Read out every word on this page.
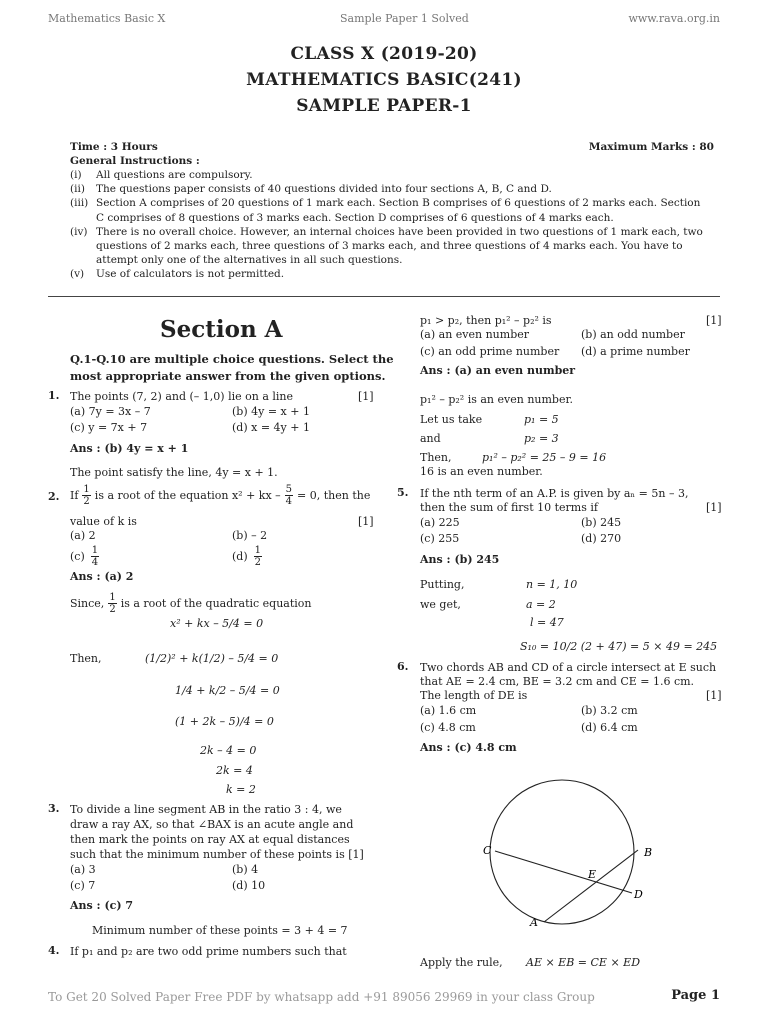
Mathematics Basic X	Sample Paper 1 Solved	www.rava.org.in
CLASS X (2019-20)
MATHEMATICS BASIC(241)
SAMPLE PAPER-1
Time : 3 Hours	Maximum Marks : 80
General Instructions :
(i)	All questions are compulsory.
(ii)	The questions paper consists of 40 questions divided into four sections A, B, C and D.
(iii) Section A comprises of 20 questions of 1 mark each. Section B comprises of 6 questions of 2 marks each. Section
C comprises of 8 questions of 3 marks each. Section D comprises of 6 questions of 4 marks each.
(iv) There is no overall choice. However, an internal choices have been provided in two questions of 1 mark each, two
questions of 2 marks each, three questions of 3 marks each, and three questions of 4 marks each. You have to
attempt only one of the alternatives in all such questions.
(v)	Use of calculators is not permitted.
Section A
Q.1-Q.10 are multiple choice questions. Select the
most appropriate answer from the given options.
1. The points (7, 2) and (– 1,0) lie on a line	[1]
(a) 7y = 3x – 7	(b) 4y = x + 1
(c) y = 7x + 7	(d) x = 4y + 1
Ans : (b) 4y = x + 1
The point satisfy the line, 4y = x + 1.
2. If $\frac{1}{2}$ is a root of the equation x² + kx – $\frac{5}{4} = 0$, then the
value of k is	[1]
(a) 2	(b) – 2
$(c) \frac{1}{4}$	$(d) \frac{1}{2}$
Ans : (a) 2
Since, $\frac{1}{2}$ is a root of the quadratic equation
x² + kx – 5/4 = 0
Then,	(1/2)² + k(1/2) – 5/4 = 0
1/4 + k/2 – 5/4 = 0
(1 + 2k – 5)/4 = 0
2k – 4 = 0
2k = 4
k = 2
3. To divide a line segment AB in the ratio 3 : 4, we
draw a ray AX, so that ∠BAX is an acute angle and
then mark the points on ray AX at equal distances
such that the minimum number of these points is [1]
(a) 3	(b) 4
(c) 7	(d) 10
Ans : (c) 7
Minimum number of these points = 3 + 4 = 7
4. If p₁ and p₂ are two odd prime numbers such that
p₁ > p₂, then p₁² – p₂² is	[1]
(a) an even number	(b) an odd number
(c) an odd prime number (d) a prime number
Ans : (a) an even number
p₁² – p₂² is an even number.
Let us take	p₁ = 5
and	p₂ = 3
Then,	p₁² – p₂² = 25 – 9 = 16
16 is an even number.
5. If the nth term of an A.P. is given by aₙ = 5n – 3,
then the sum of first 10 terms if	[1]
(a) 225	(b) 245
(c) 255	(d) 270
Ans : (b) 245
Putting,	n = 1, 10
we get,	a = 2
l = 47
S₁₀ = 10/2 (2 + 47) = 5 × 49 = 245
6. Two chords AB and CD of a circle intersect at E such
that AE = 2.4 cm, BE = 3.2 cm and CE = 1.6 cm.
The length of DE is	[1]
(a) 1.6 cm	(b) 3.2 cm
(c) 4.8 cm	(d) 6.4 cm
Ans : (c) 4.8 cm
C	B
E
D
A
Apply the rule, AE × EB = CE × ED
To Get 20 Solved Paper Free PDF by whatsapp add +91 89056 29969 in your class Group	Page 1
